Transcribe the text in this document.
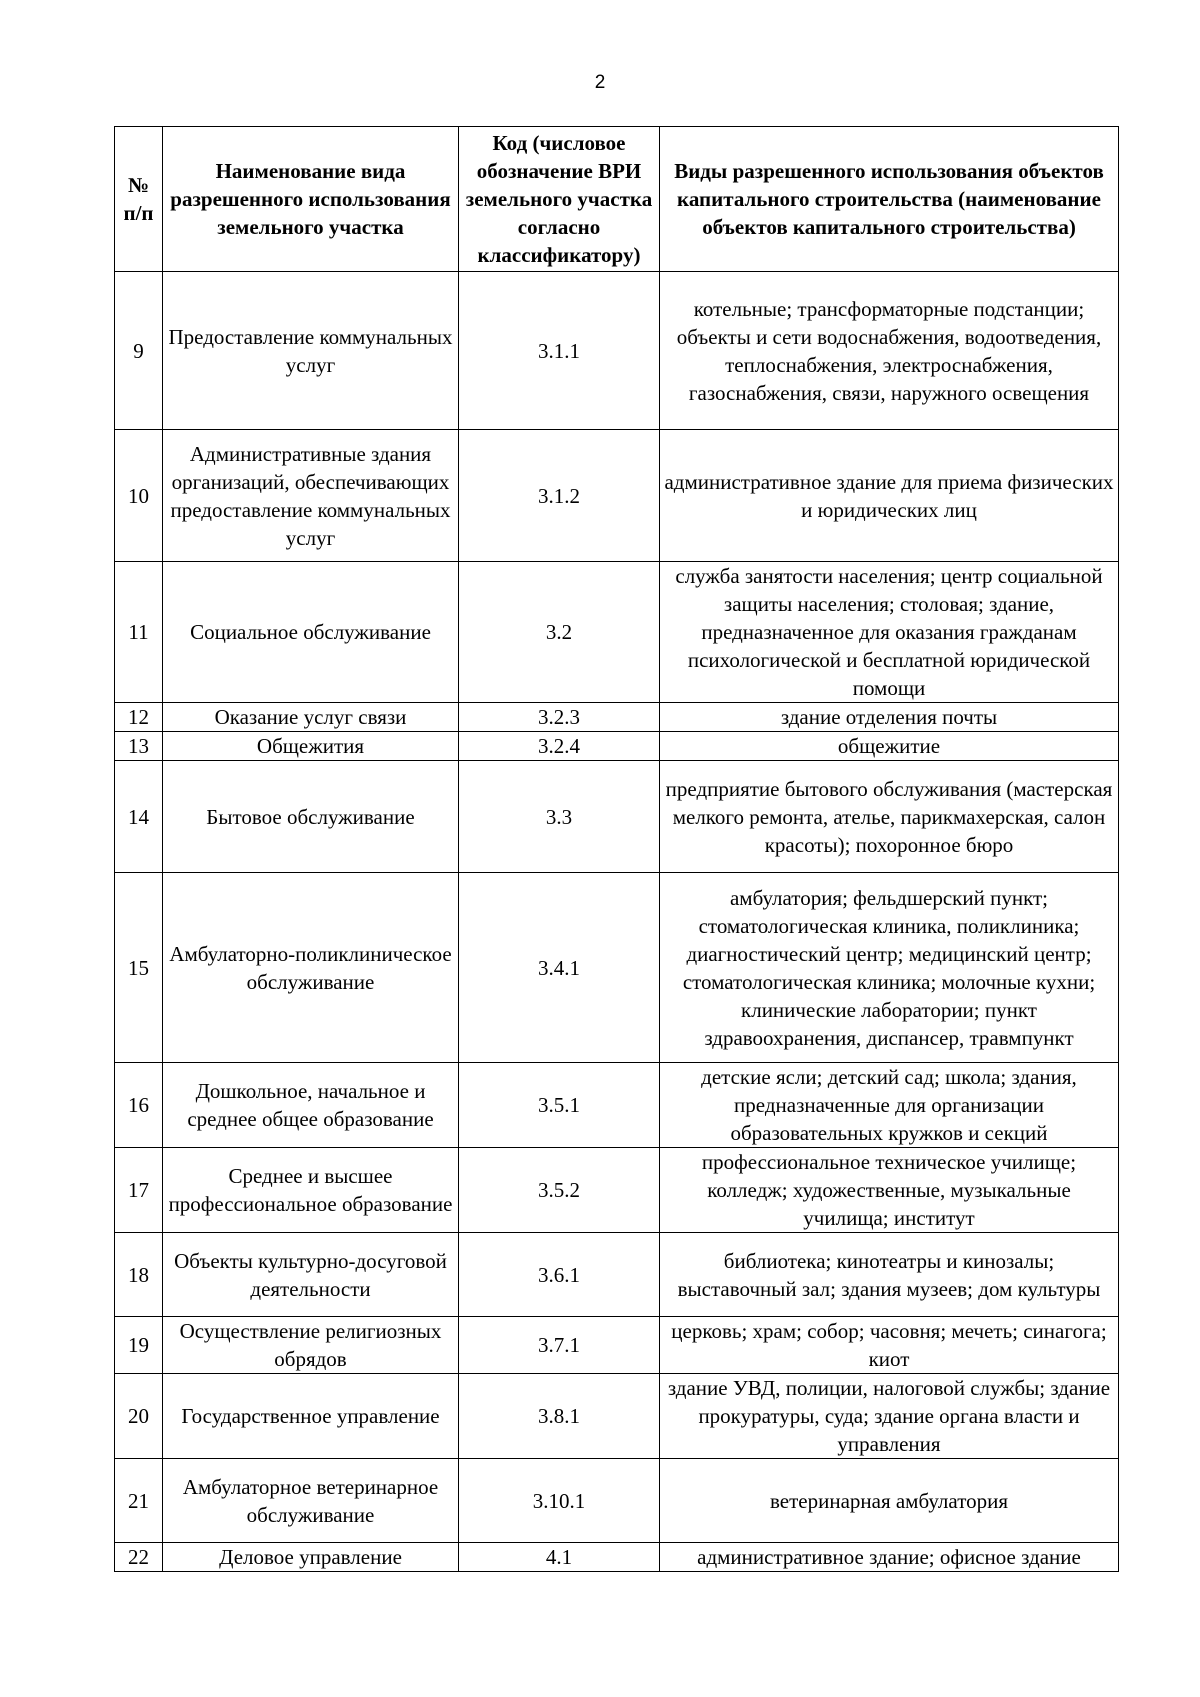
2
№ п/п	Наименование вида разрешенного использования земельного участка	Код (числовое обозначение ВРИ земельного участка согласно классификатору)	Виды разрешенного использования объектов капитального строительства (наименование объектов капитального строительства)
9	Предоставление коммунальных услуг	3.1.1	котельные; трансформаторные подстанции; объекты и сети водоснабжения, водоотведения, теплоснабжения, электроснабжения, газоснабжения, связи, наружного освещения
10	Административные здания организаций, обеспечивающих предоставление коммунальных услуг	3.1.2	административное здание для приема физических и юридических лиц
11	Социальное обслуживание	3.2	служба занятости населения; центр социальной защиты населения; столовая; здание, предназначенное для оказания гражданам психологической и бесплатной юридической помощи
12	Оказание услуг связи	3.2.3	здание отделения почты
13	Общежития	3.2.4	общежитие
14	Бытовое обслуживание	3.3	предприятие бытового обслуживания (мастерская мелкого ремонта, ателье, парикмахерская, салон красоты); похоронное бюро
15	Амбулаторно-поликлиническое обслуживание	3.4.1	амбулатория; фельдшерский пункт; стоматологическая клиника, поликлиника; диагностический центр; медицинский центр; стоматологическая клиника; молочные кухни; клинические лаборатории; пункт здравоохранения, диспансер, травмпункт
16	Дошкольное, начальное и среднее общее образование	3.5.1	детские ясли; детский сад; школа; здания, предназначенные для организации образовательных кружков и секций
17	Среднее и высшее профессиональное образование	3.5.2	профессиональное техническое училище; колледж; художественные, музыкальные училища; институт
18	Объекты культурно-досуговой деятельности	3.6.1	библиотека; кинотеатры и кинозалы; выставочный зал; здания музеев; дом культуры
19	Осуществление религиозных обрядов	3.7.1	церковь; храм; собор; часовня; мечеть; синагога; киот
20	Государственное управление	3.8.1	здание УВД, полиции, налоговой службы; здание прокуратуры, суда; здание органа власти и управления
21	Амбулаторное ветеринарное обслуживание	3.10.1	ветеринарная амбулатория
22	Деловое управление	4.1	административное здание; офисное здание
